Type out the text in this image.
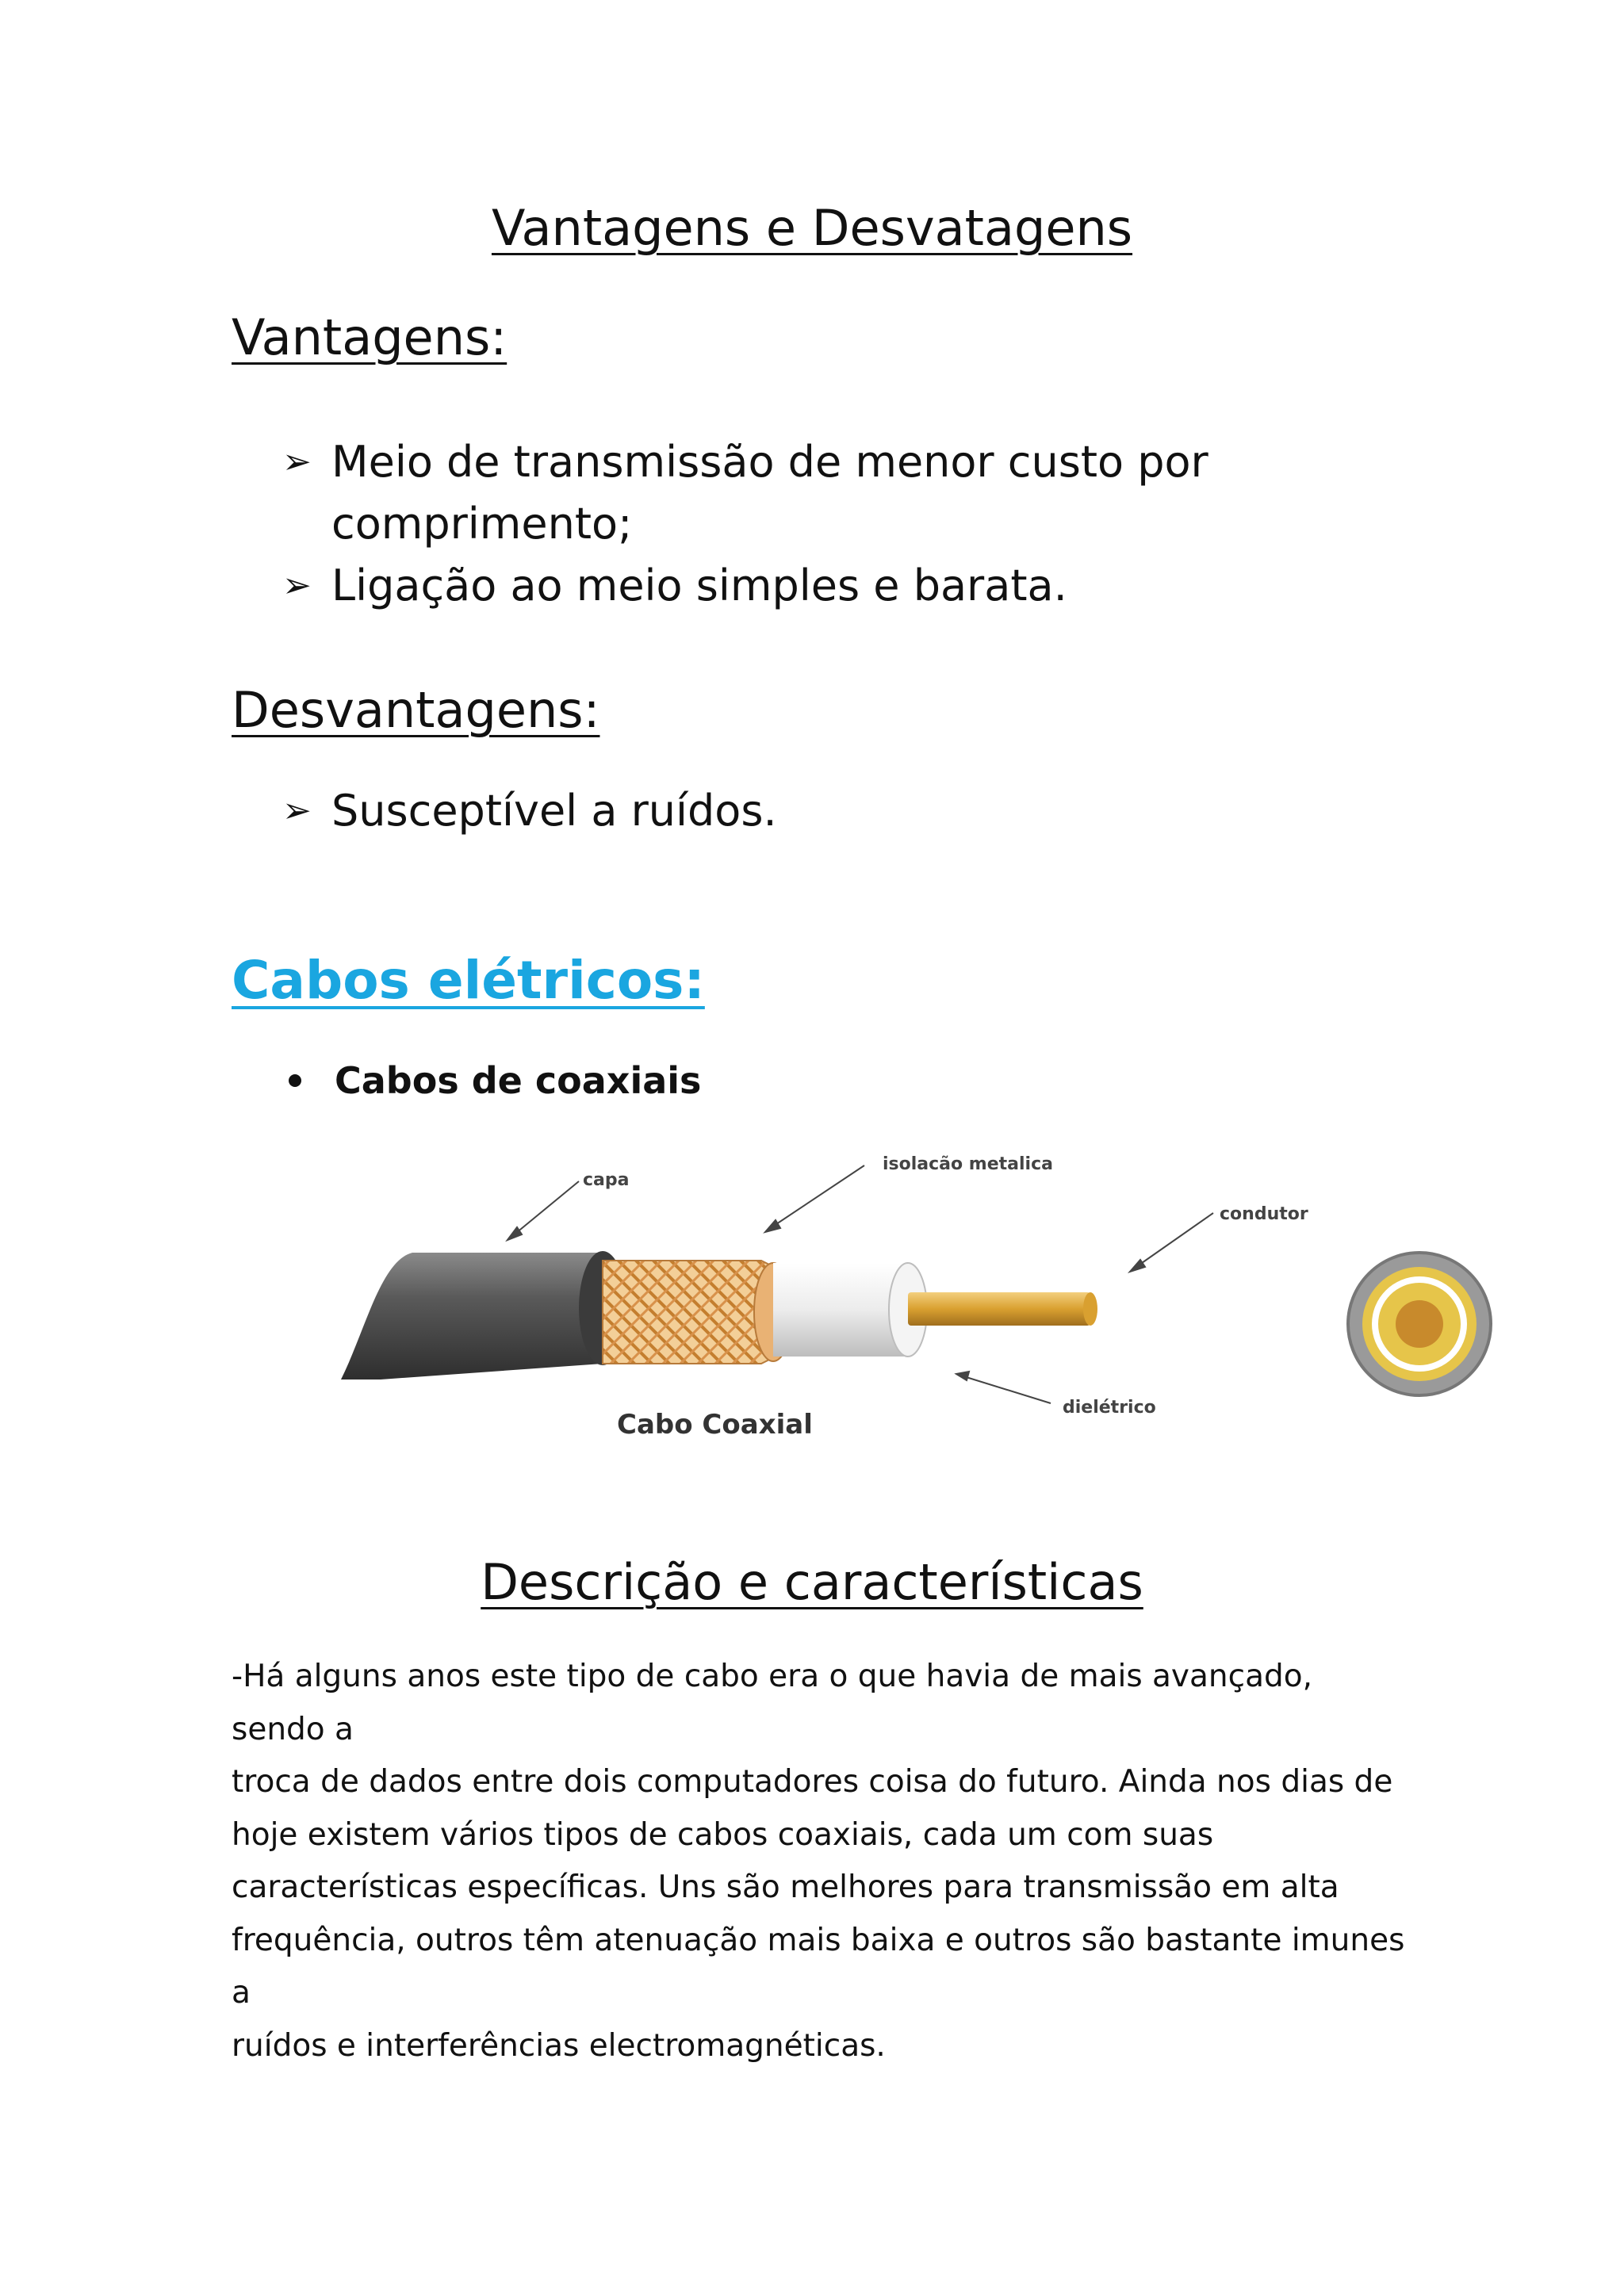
Vantagens e Desvatagens
Vantagens:
➢ Meio de transmissão de menor custo por comprimento;
➢ Ligação ao meio simples e barata.
Desvantagens:
➢ Susceptível a ruídos.
Cabos elétricos:
Cabos de coaxiais
capa
isolacão metalica
condutor
dielétrico
Cabo Coaxial
Descrição e características

-Há alguns anos este tipo de cabo era o que havia de mais avançado, sendo a
troca de dados entre dois computadores coisa do futuro. Ainda nos dias de
hoje existem vários tipos de cabos coaxiais, cada um com suas
características específicas. Uns são melhores para transmissão em alta
frequência, outros têm atenuação mais baixa e outros são bastante imunes a
ruídos e interferências electromagnéticas.
